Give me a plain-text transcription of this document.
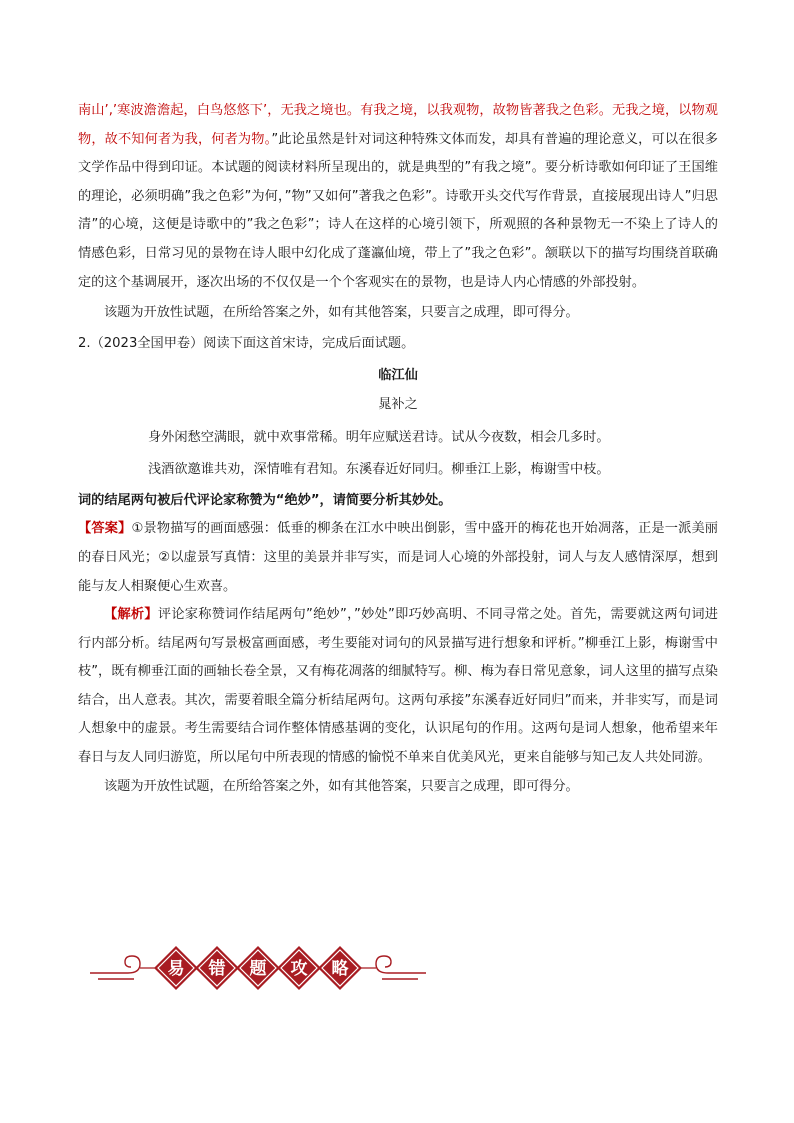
南山’,’寒波澹澹起，白鸟悠悠下’，无我之境也。有我之境，以我观物，故物皆著我之色彩。无我之境，以物观物，故不知何者为我，何者为物。”此论虽然是针对词这种特殊文体而发，却具有普遍的理论意义，可以在很多文学作品中得到印证。本试题的阅读材料所呈现出的，就是典型的”有我之境”。要分析诗歌如何印证了王国维的理论，必须明确”我之色彩”为何，”物”又如何”著我之色彩”。诗歌开头交代写作背景，直接展现出诗人”归思清”的心境，这便是诗歌中的”我之色彩”；诗人在这样的心境引领下，所观照的各种景物无一不染上了诗人的情感色彩，日常习见的景物在诗人眼中幻化成了蓬瀛仙境，带上了”我之色彩”。颔联以下的描写均围绕首联确定的这个基调展开，逐次出场的不仅仅是一个个客观实在的景物，也是诗人内心情感的外部投射。

该题为开放性试题，在所给答案之外，如有其他答案，只要言之成理，即可得分。

2.（2023全国甲卷）阅读下面这首宋诗，完成后面试题。

临江仙

晁补之

身外闲愁空满眼，就中欢事常稀。明年应赋送君诗。试从今夜数，相会几多时。

浅酒欲邀谁共劝，深情唯有君知。东溪春近好同归。柳垂江上影，梅谢雪中枝。

词的结尾两句被后代评论家称赞为“绝妙”，请简要分析其妙处。

【答案】①景物描写的画面感强：低垂的柳条在江水中映出倒影，雪中盛开的梅花也开始凋落，正是一派美丽的春日风光；②以虚景写真情：这里的美景并非写实，而是词人心境的外部投射，词人与友人感情深厚，想到能与友人相聚便心生欢喜。

【解析】评论家称赞词作结尾两句”绝妙”，”妙处”即巧妙高明、不同寻常之处。首先，需要就这两句词进行内部分析。结尾两句写景极富画面感，考生要能对词句的风景描写进行想象和评析。”柳垂江上影，梅谢雪中枝”，既有柳垂江面的画轴长卷全景，又有梅花凋落的细腻特写。柳、梅为春日常见意象，词人这里的描写点染结合，出人意表。其次，需要着眼全篇分析结尾两句。这两句承接”东溪春近好同归”而来，并非实写，而是词人想象中的虚景。考生需要结合词作整体情感基调的变化，认识尾句的作用。这两句是词人想象，他希望来年春日与友人同归游览，所以尾句中所表现的情感的愉悦不单来自优美风光，更来自能够与知己友人共处同游。

该题为开放性试题，在所给答案之外，如有其他答案，只要言之成理，即可得分。

易 错 题 攻 略
